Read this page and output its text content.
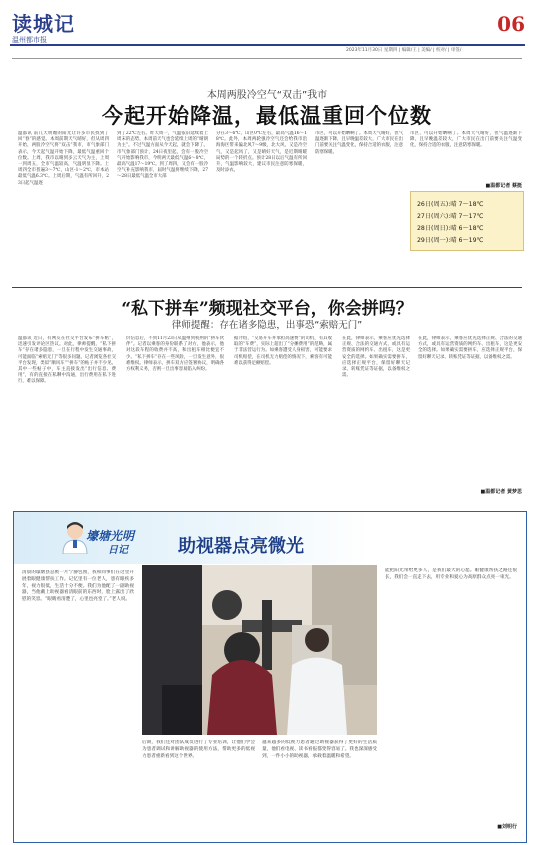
读城记
温州都市报
06
2023年11月30日 星期四 | 编辑/王 | 美编/ | 校对/ | 审签/
本周两股冷空气“双击”我市
今起开始降温，最低温重回个位数
温都讯 前几天明媚的阳光让许多市民找到了回“春”的感觉。本周前期天气晴好，但从周四开始，两股冷空气将“双击”我市，市气象部门表示，今天起气温开始下降，最低气温重回个位数。上周，我市以晴到多云天气为主，上周一到周五，全市气温较高，气温明显下降。上周四全市普遍3～7℃，山区-1～2℃，市本站最低气温6.3℃。上周后期，气温有所回升，23日起气温逐
到了22℃左右。昨天周一，气温依旧延续着上周末的态势，本周前天气也会延续上周的“晴朗为主”。不过气温方面从今天起，就会下降了。市气象部门预计，24日夜里起，会有一股冷空气开始影响我市，今明两天最低气温6～8℃，最高气温17～19℃。到了周四，又会有一股冷空气补充影响我市，届时气温将继续下降，27～28日最低气温全市大部
分在3～6℃，山区0℃左右，最高气温16～18℃。此外，本周两轮强冷空气还会给我市沿海海区带来偏北风7～9级，北大风，又是冷空气，又是起风了，又是晴好天气，是近期晴暖局势的一个转折点。预计28日以后气温有所回升，气温影响较大，建议市民注意防寒保暖，及时添衣。
市区，可以开始晒啊了。本周天气晴好，但气温逐渐下降，且早晚温差较大，广大市民在出门前要关注气温变化，保持合适的衣服，注意防寒保暖。
市区，可以开始晒啊了。本周天气晴好，但气温逐渐下降，且早晚温差较大，广大市民在出门前要关注气温变化，保持合适的衣服，注意防寒保暖。
■温都记者 蔡挺
26日(周五):晴 7～18℃
27日(周六):晴 7～17℃
28日(周日):晴 6～18℃
29日(周一):晴 6～19℃
“私下拼车”频现社交平台，你会拼吗？
律师提醒：存在诸多隐患，出事恐“索赔无门”
温都讯 近日，有网友在社交平台发布“拼车帖”，迅速引发评论区热议。对此，律师提醒，“私下拼车”存在诸多隐患，一旦在行程中发生交通事故，可能面临“索赔无门”等很多问题。记者浏览各社交平台发现，类似“顺风车”“拼车”的帖子并不少见。其中一些帖子中，车主直接发出“出行信息、费用”，有的直接在私聊中沟通，出行费用在私下进行，难以保障。
价信息后，不到11月23日从温州到杭州的“拼车伙伴”。记者以乘客的身份联系了对方，他表示，他对这段车程的收费并不高，和出租车相比便宜不少。“私下拼车”存在一些风险，一旦发生意外，很难维权。律师表示，拼车双方应签署协议，明确各方权利义务，否则一旦出事容易陷入纠纷。
据介绍，“交易开车并承担高速费”的司机，有其收取的“车费”，实际上超出了“分摊费用”的范畴，属于非法营运行为。如乘客遭受人身损害，可能要求司机赔偿，在司机无力赔偿的情况下，乘客有可能难以获得足额赔偿。
在此，律师表示，乘客应优先选择正规、合法的交通方式，或具有运营资质的网约车、出租车，这是更安全的选择。如果确实需要拼车，应选择正规平台，保留好聊天记录、转账凭证等证据，以备维权之需。
在此，律师表示，乘客应优先选择正规、合法的交通方式，或具有运营资质的网约车、出租车，这是更安全的选择。如果确实需要拼车，应选择正规平台，保留好聊天记录、转账凭证等证据，以备维权之需。
■温都记者 黄梦思
壕塘光明
日记	助视器点亮微光
清晨的壕塘县总被一片宁静包围，我和同事们在这里开展着眼健康帮扶工作。记忆里有一位老人，患有眼疾多年，视力很低，生活十分不便。我们为他配了一副助视器，当他戴上助视器看清眼前的东西时，脸上露出了欣慰的笑容。“眼睛看清楚了，心里也亮堂了。”老人说。
能把阳光带给更多人，是我们最大的心愿。眼健康帮扶之路还很长，我们会一直走下去，用专业和爱心为高原群众点亮一束光。
后期，我们还对团队成员进行了专业培训，让他们学会为患者调试和讲解助视器的使用方法，帮助更多的低视力患者重新看到这个世界。
越来越多的低视力患者通过助视器获得了更好的生活质量，他们看电视、读书看报都变得容易了。我也深深感受到，一件小小的助视器，承载着温暖和希望。
■刘明行
